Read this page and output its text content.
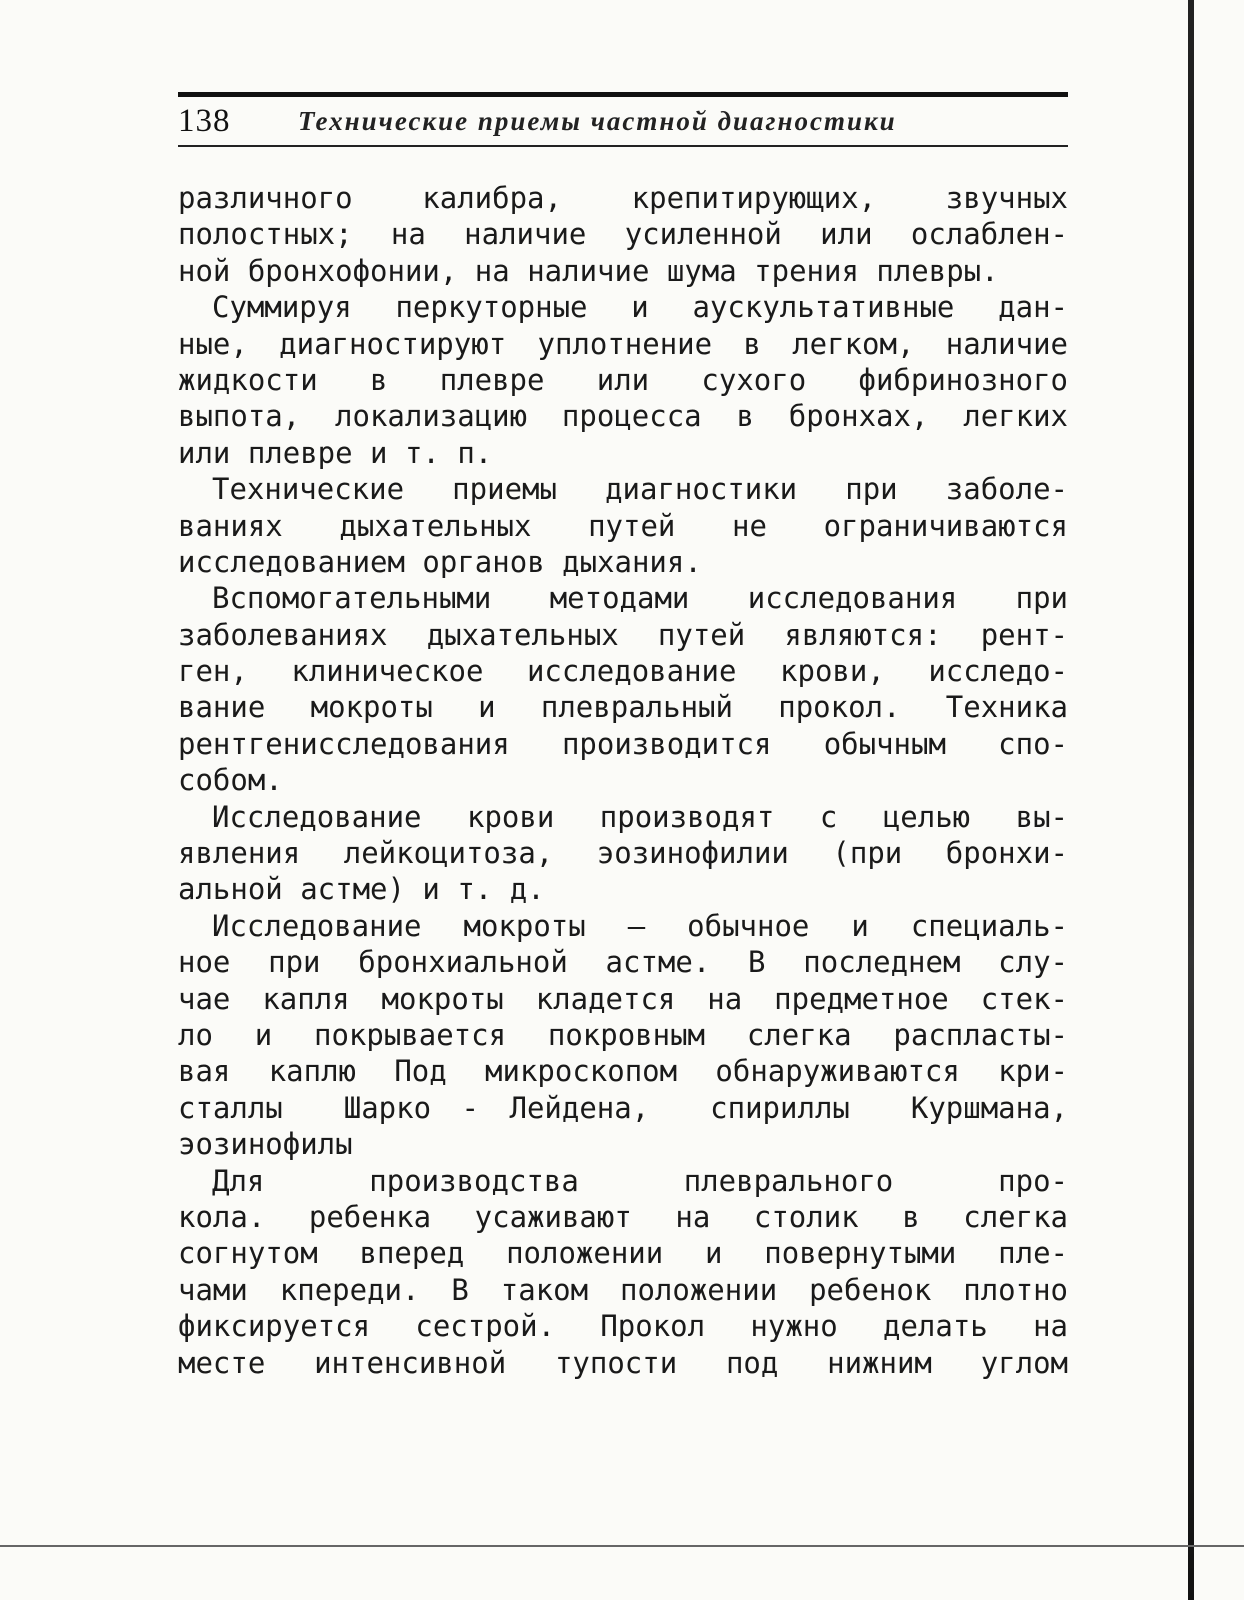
138	Технические приемы частной диагностики
различного  калибра,  крепитирующих,  звучных
полостных; на наличие усиленной или ослаблен-
ной бронхофонии, на наличие шума трения плевры.
Суммируя перкуторные и аускультативные дан-
ные, диагностируют уплотнение в легком, наличие
жидкости  в  плевре  или  сухого  фибринозного
выпота, локализацию процесса в бронхах, легких
или плевре и т. п.
Технические приемы диагностики при заболе-
ваниях  дыхательных  путей  не  ограничиваются
исследованием органов дыхания.
Вспомогательными методами исследования при
заболеваниях дыхательных путей являются: рент-
ген, клиническое исследование крови, исследо-
вание мокроты и плевральный прокол. Техника
рентгенисследования производится обычным спо-
собом.
Исследование крови производят с целью вы-
явления лейкоцитоза, эозинофилии (при бронхи-
альной астме) и т. д.
Исследование мокроты — обычное и специаль-
ное при бронхиальной астме. В последнем слу-
чае капля мокроты кладется на предметное стек-
ло и покрывается покровным слегка распласты-
вая каплю Под микроскопом обнаруживаются кри-
сталлы  Шарко - Лейдена,  спириллы  Куршмана,
эозинофилы
Для производства плеврального про-
кола. ребенка усаживают на столик в слегка
согнутом вперед положении и повернутыми пле-
чами кпереди. В таком положении ребенок плотно
фиксируется сестрой. Прокол нужно делать на
месте интенсивной тупости под нижним углом
